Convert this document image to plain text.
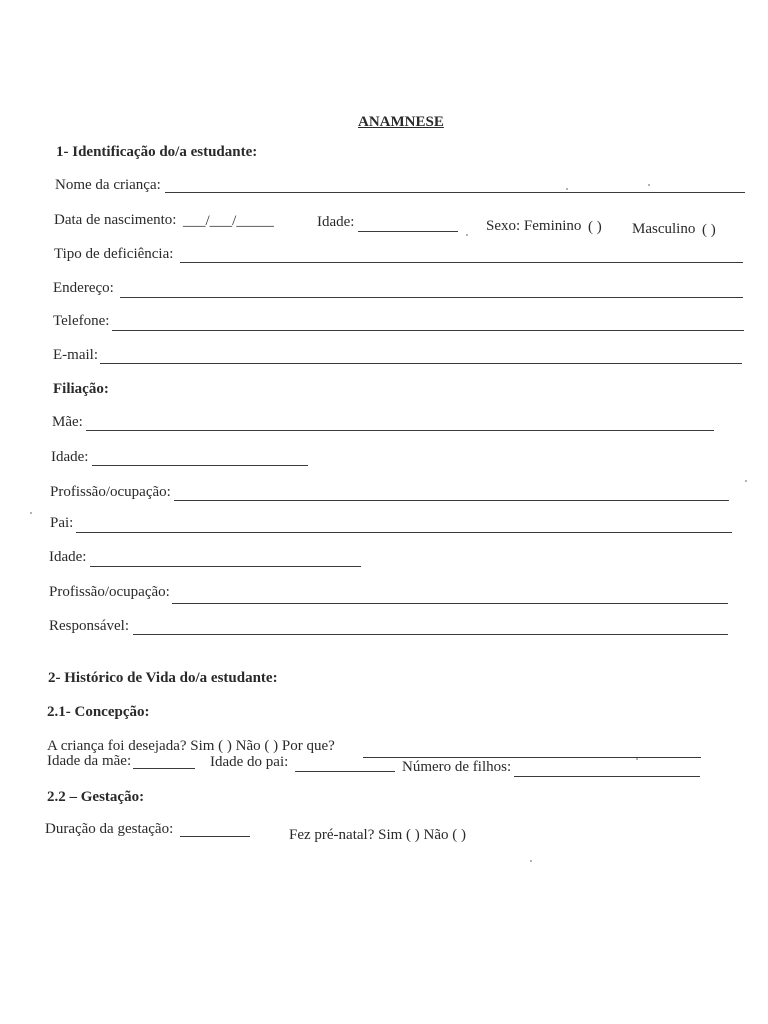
ANAMNESE
1- Identificação do/a estudante:
Nome da criança:
Data de nascimento: ___/___/_____	Idade:	Sexo: Feminino ( ) Masculino ( )
Tipo de deficiência:
Endereço:
Telefone:
E-mail:
Filiação:
Mãe:
Idade:
Profissão/ocupação:
Pai:
Idade:
Profissão/ocupação:
Responsável:
2- Histórico de Vida do/a estudante:
2.1- Concepção:
A criança foi desejada? Sim ( ) Não ( ) Por que?
Idade da mãe:	Idade do pai:	Número de filhos:
2.2 – Gestação:
Duração da gestação:	Fez pré-natal? Sim ( ) Não ( )
